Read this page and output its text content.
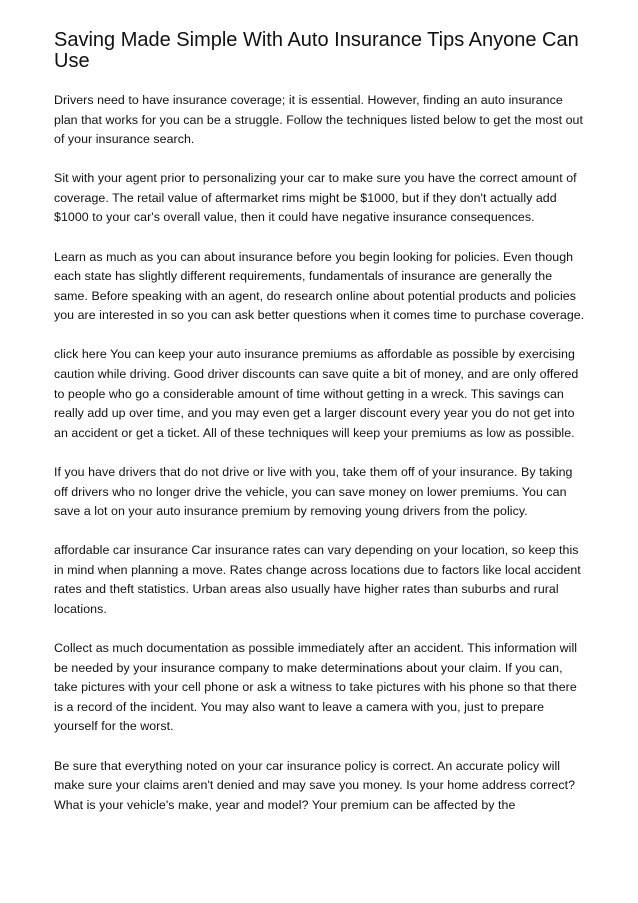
Saving Made Simple With Auto Insurance Tips Anyone Can Use

Drivers need to have insurance coverage; it is essential. However, finding an auto insurance plan that works for you can be a struggle. Follow the techniques listed below to get the most out of your insurance search.

Sit with your agent prior to personalizing your car to make sure you have the correct amount of coverage. The retail value of aftermarket rims might be $1000, but if they don't actually add $1000 to your car's overall value, then it could have negative insurance consequences.

Learn as much as you can about insurance before you begin looking for policies. Even though each state has slightly different requirements, fundamentals of insurance are generally the same. Before speaking with an agent, do research online about potential products and policies you are interested in so you can ask better questions when it comes time to purchase coverage.

click here You can keep your auto insurance premiums as affordable as possible by exercising caution while driving. Good driver discounts can save quite a bit of money, and are only offered to people who go a considerable amount of time without getting in a wreck. This savings can really add up over time, and you may even get a larger discount every year you do not get into an accident or get a ticket. All of these techniques will keep your premiums as low as possible.

If you have drivers that do not drive or live with you, take them off of your insurance. By taking off drivers who no longer drive the vehicle, you can save money on lower premiums. You can save a lot on your auto insurance premium by removing young drivers from the policy.

affordable car insurance Car insurance rates can vary depending on your location, so keep this in mind when planning a move. Rates change across locations due to factors like local accident rates and theft statistics. Urban areas also usually have higher rates than suburbs and rural locations.

Collect as much documentation as possible immediately after an accident. This information will be needed by your insurance company to make determinations about your claim. If you can, take pictures with your cell phone or ask a witness to take pictures with his phone so that there is a record of the incident. You may also want to leave a camera with you, just to prepare yourself for the worst.

Be sure that everything noted on your car insurance policy is correct. An accurate policy will make sure your claims aren't denied and may save you money. Is your home address correct? What is your vehicle's make, year and model? Your premium can be affected by the
